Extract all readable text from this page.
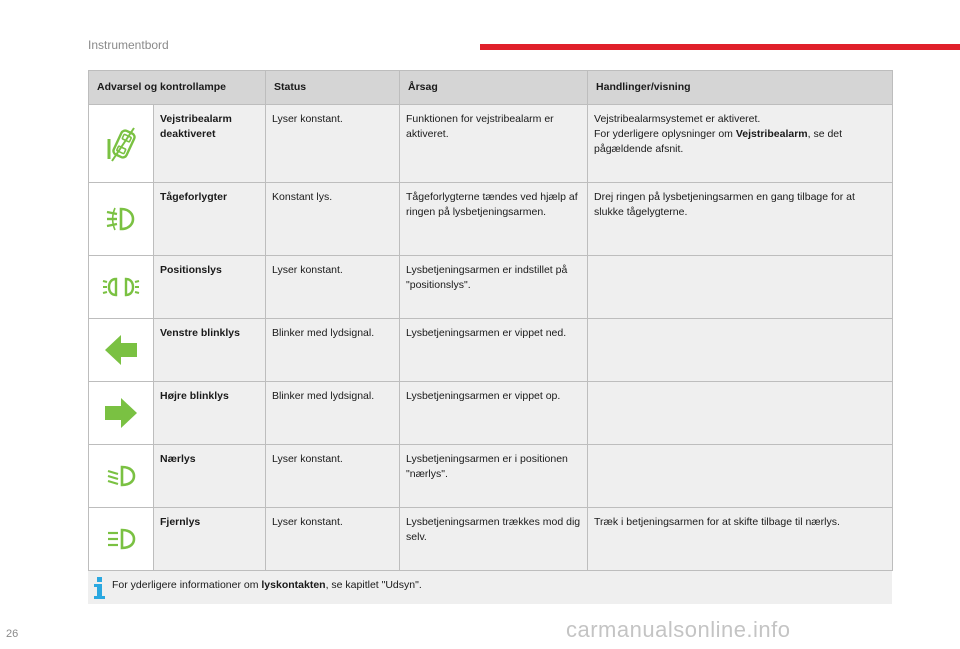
Instrumentbord
Advarsel og kontrollampe		Status	Årsag	Handlinger/visning

	Vejstribealarm deaktiveret	Lyser konstant.	Funktionen for vejstribealarm er aktiveret.	Vejstribealarmsystemet er aktiveret.
For yderligere oplysninger om Vejstribealarm, se det pågældende afsnit.

	Tågeforlygter	Konstant lys.	Tågeforlygterne tændes ved hjælp af ringen på lysbetjeningsarmen.	Drej ringen på lysbetjeningsarmen en gang tilbage for at slukke tågelygterne.

	Positionslys	Lyser konstant.	Lysbetjeningsarmen er indstillet på "positionslys".	

	Venstre blinklys	Blinker med lydsignal.	Lysbetjeningsarmen er vippet ned.	

	Højre blinklys	Blinker med lydsignal.	Lysbetjeningsarmen er vippet op.	

	Nærlys	Lyser konstant.	Lysbetjeningsarmen er i positionen "nærlys".	

	Fjernlys	Lyser konstant.	Lysbetjeningsarmen trækkes mod dig selv.	Træk i betjeningsarmen for at skifte tilbage til nærlys.
For yderligere informationer om lyskontakten, se kapitlet "Udsyn".
26	carmanualsonline.info
